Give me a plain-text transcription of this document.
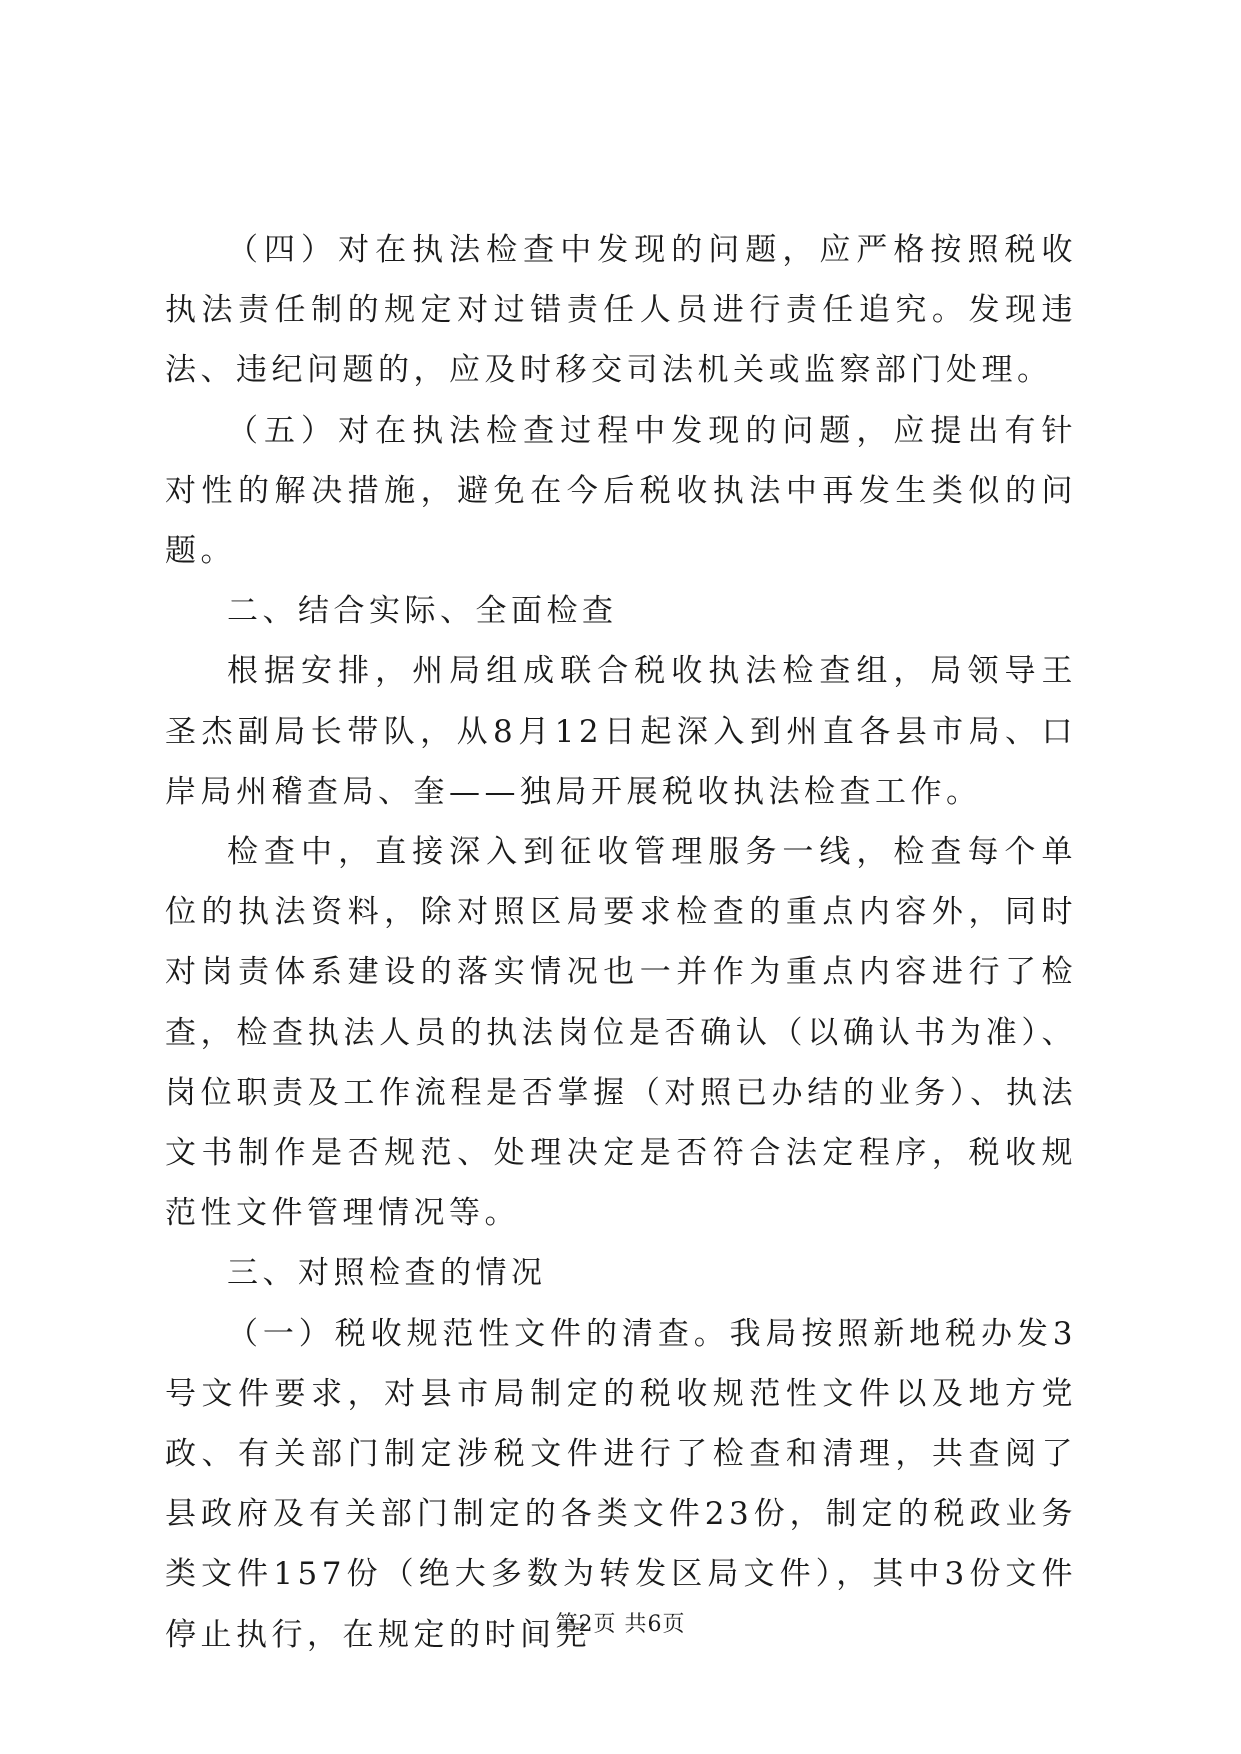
（四）对在执法检查中发现的问题，应严格按照税收执法责任制的规定对过错责任人员进行责任追究。发现违法、违纪问题的，应及时移交司法机关或监察部门处理。

（五）对在执法检查过程中发现的问题，应提出有针对性的解决措施，避免在今后税收执法中再发生类似的问题。

二、结合实际、全面检查

根据安排，州局组成联合税收执法检查组，局领导王圣杰副局长带队，从8月12日起深入到州直各县市局、口岸局州稽查局、奎——独局开展税收执法检查工作。

检查中，直接深入到征收管理服务一线，检查每个单位的执法资料，除对照区局要求检查的重点内容外，同时对岗责体系建设的落实情况也一并作为重点内容进行了检查，检查执法人员的执法岗位是否确认（以确认书为准）、岗位职责及工作流程是否掌握（对照已办结的业务）、执法文书制作是否规范、处理决定是否符合法定程序，税收规范性文件管理情况等。

三、对照检查的情况

（一）税收规范性文件的清查。我局按照新地税办发3号文件要求，对县市局制定的税收规范性文件以及地方党政、有关部门制定涉税文件进行了检查和清理，共查阅了县政府及有关部门制定的各类文件23份，制定的税政业务类文件157份（绝大多数为转发区局文件），其中3份文件停止执行，在规定的时间完

第2页 共6页
